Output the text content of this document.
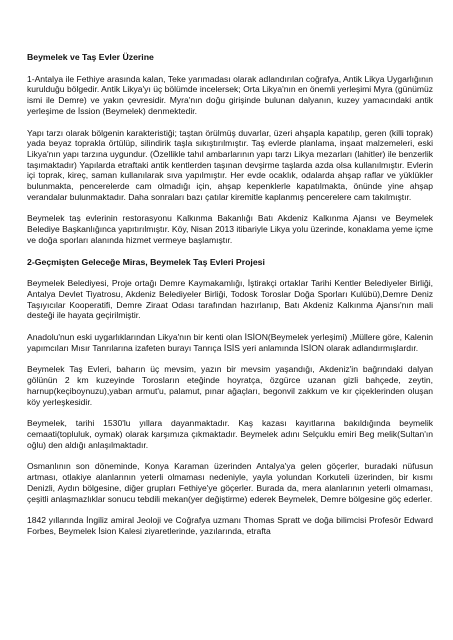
Beymelek ve Taş Evler Üzerine
1-Antalya ile Fethiye arasında kalan, Teke yarımadası olarak adlandırılan coğrafya, Antik Likya Uygarlığının kurulduğu bölgedir. Antik Likya'yı üç bölümde incelersek; Orta Likya'nın en önemli yerleşimi Myra (günümüz ismi ile Demre) ve yakın çevresidir. Myra'nın doğu girişinde bulunan dalyanın, kuzey yamacındaki antik yerleşime de İssion (Beymelek) denmektedir.
Yapı tarzı olarak bölgenin karakteristiği; taştan örülmüş duvarlar, üzeri ahşapla kapatılıp, geren (killi toprak) yada beyaz toprakla örtülüp, silindirik taşla sıkıştırılmıştır. Taş evlerde planlama, inşaat malzemeleri, eski Likya'nın yapı tarzına uygundur. (Özellikle tahıl ambarlarının yapı tarzı Likya mezarları (lahitler) ile benzerlik taşımaktadır) Yapılarda etraftaki antik kentlerden taşınan devşirme taşlarda azda olsa kullanılmıştır. Evlerin içi toprak, kireç, saman kullanılarak sıva yapılmıştır. Her evde ocaklık, odalarda ahşap raflar ve yüklükler bulunmakta, pencerelerde cam olmadığı için, ahşap kepenklerle kapatılmakta, önünde yine ahşap verandalar bulunmaktadır. Daha sonraları bazı çatılar kiremitle kaplanmış pencerelere cam takılmıştır.
Beymelek taş evlerinin restorasyonu Kalkınma Bakanlığı Batı Akdeniz Kalkınma Ajansı ve Beymelek Belediye Başkanlığınca yapıtırılmıştır. Köy, Nisan 2013 itibariyle Likya yolu üzerinde, konaklama yeme içme ve doğa sporları alanında hizmet vermeye başlamıştır.
2-Geçmişten Geleceğe Miras, Beymelek Taş Evleri Projesi
Beymelek Belediyesi, Proje ortağı Demre Kaymakamlığı, İştirakçi ortaklar Tarihi Kentler Belediyeler Birliği, Antalya Devlet Tiyatrosu, Akdeniz Belediyeler Birliği, Todosk Toroslar Doğa Sporları Kulübü),Demre Deniz Taşıyıcılar Kooperatifi, Demre Ziraat Odası tarafından hazırlanıp, Batı Akdeniz Kalkınma Ajansı'nın mali desteği ile hayata geçirilmiştir.
Anadolu'nun eski uygarlıklarından Likya'nın bir kenti olan İSİON(Beymelek yerleşimi) ,Müllere göre, Kalenin yapımcıları Mısır Tanrılarına izafeten burayı Tanrıça İSİS yeri anlamında İSİON olarak adlandırmışlardır.
Beymelek Taş Evleri, baharın üç mevsim, yazın bir mevsim yaşandığı, Akdeniz'in bağrındaki dalyan gölünün 2 km kuzeyinde Torosların eteğinde hoyratça, özgürce uzanan gizli bahçede, zeytin, harnup(keçiboynuzu),yaban armut'u, palamut, pınar ağaçları, begonvil zakkum ve kır çiçeklerinden oluşan köy yerleşkesidir.
Beymelek, tarihi 1530'lu yıllara dayanmaktadır. Kaş kazası kayıtlarına bakıldığında beymelik cemaati(topluluk, oymak) olarak karşımıza çıkmaktadır. Beymelek adını Selçuklu emiri Beg melik(Sultan'ın oğlu) den aldığı anlaşılmaktadır.
Osmanlının son döneminde, Konya Karaman üzerinden Antalya'ya gelen göçerler, buradaki nüfusun artması, otlakiye alanlarının yeterli olmaması nedeniyle, yayla yolundan Korkuteli üzerinden, bir kısmı Denizli, Aydın bölgesine, diğer grupları Fethiye'ye göçerler. Burada da, mera alanlarının yeterli olmaması, çeşitli anlaşmazlıklar sonucu tebdili mekan(yer değiştirme) ederek Beymelek, Demre bölgesine göç ederler.
1842 yıllarında İngiliz amiral Jeoloji ve Coğrafya uzmanı Thomas Spratt ve doğa bilimcisi Profesör Edward Forbes, Beymelek İsion Kalesi ziyaretlerinde, yazılarında, etrafta
